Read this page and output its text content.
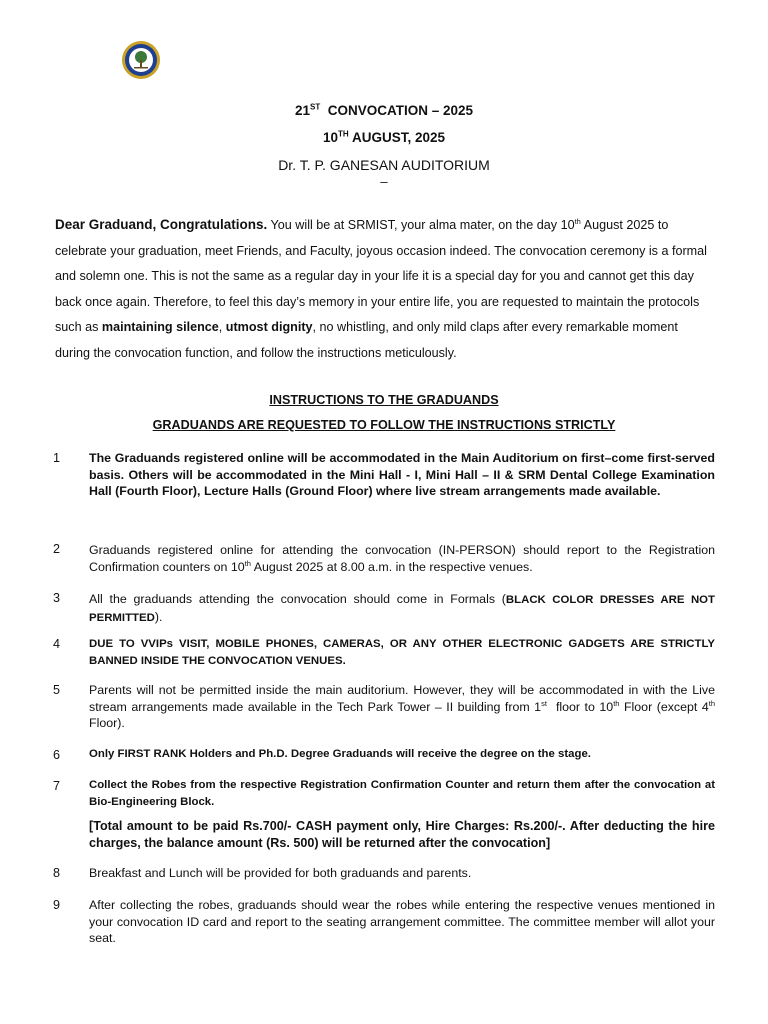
21ST  CONVOCATION – 2025
10TH AUGUST, 2025
Dr. T. P. GANESAN AUDITORIUM
–
Dear Graduand, Congratulations. You will be at SRMIST, your alma mater, on the day 10th August 2025 to celebrate your graduation, meet Friends, and Faculty, joyous occasion indeed. The convocation ceremony is a formal and solemn one. This is not the same as a regular day in your life it is a special day for you and cannot get this day back once again. Therefore, to feel this day’s memory in your entire life, you are requested to maintain the protocols such as maintaining silence, utmost dignity, no whistling, and only mild claps after every remarkable moment during the convocation function, and follow the instructions meticulously.
INSTRUCTIONS TO THE GRADUANDS
GRADUANDS ARE REQUESTED TO FOLLOW THE INSTRUCTIONS STRICTLY
1	The Graduands registered online will be accommodated in the Main Auditorium on first–come first-served basis. Others will be accommodated in the Mini Hall - I, Mini Hall – II & SRM Dental College Examination Hall (Fourth Floor), Lecture Halls (Ground Floor) where live stream arrangements made available.
2	Graduands registered online for attending the convocation (IN-PERSON) should report to the Registration Confirmation counters on 10th August 2025 at 8.00 a.m. in the respective venues.
3	All the graduands attending the convocation should come in Formals (BLACK COLOR DRESSES ARE NOT PERMITTED).
4	DUE TO VVIPs VISIT, MOBILE PHONES, CAMERAS, OR ANY OTHER ELECTRONIC GADGETS ARE STRICTLY BANNED INSIDE THE CONVOCATION VENUES.
5	Parents will not be permitted inside the main auditorium. However, they will be accommodated in with the Live stream arrangements made available in the Tech Park Tower – II building from 1st  floor to 10th Floor (except 4th Floor).
6	Only FIRST RANK Holders and Ph.D. Degree Graduands will receive the degree on the stage.
7	Collect the Robes from the respective Registration Confirmation Counter and return them after the convocation at Bio-Engineering Block.
[Total amount to be paid Rs.700/- CASH payment only, Hire Charges: Rs.200/-. After deducting the hire charges, the balance amount (Rs. 500) will be returned after the convocation]
8	Breakfast and Lunch will be provided for both graduands and parents.
9	After collecting the robes, graduands should wear the robes while entering the respective venues mentioned in your convocation ID card and report to the seating arrangement committee. The committee member will allot your seat.
